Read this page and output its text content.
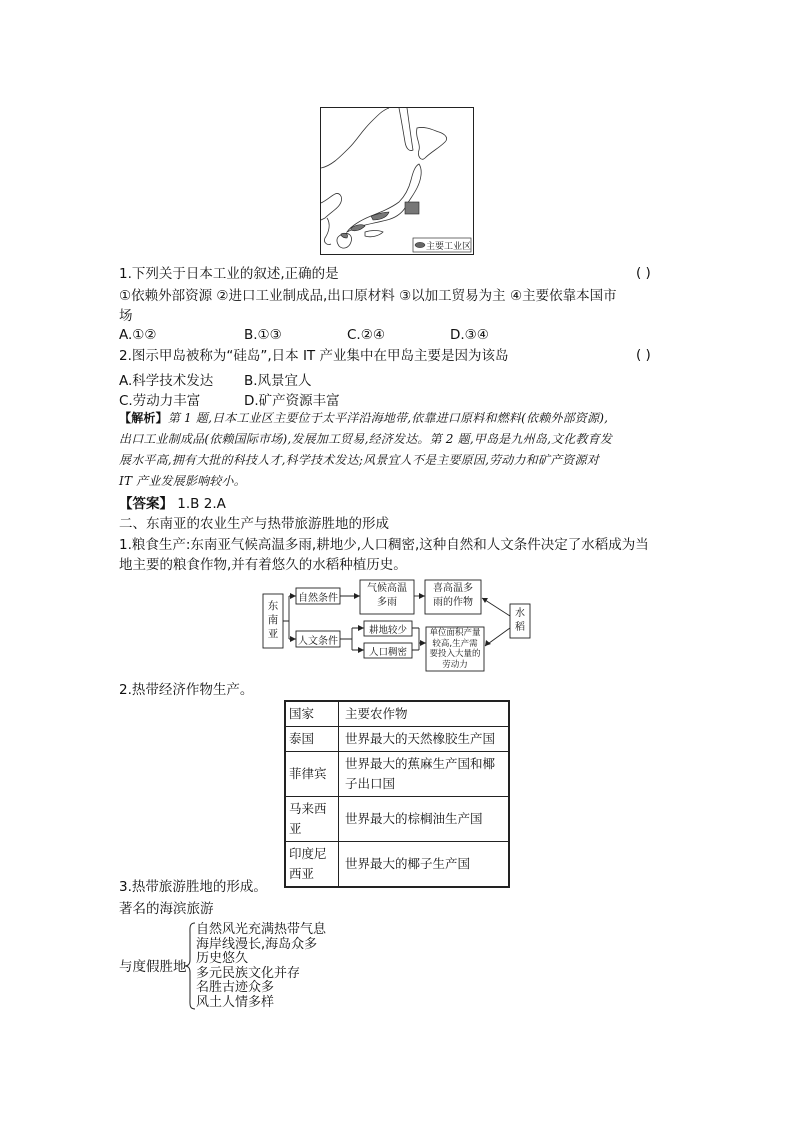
主要工业区
1.下列关于日本工业的叙述,正确的是	( )
①依赖外部资源 ②进口工业制成品,出口原材料 ③以加工贸易为主 ④主要依靠本国市
场
A.①②	B.①③	C.②④	D.③④
2.图示甲岛被称为“硅岛”,日本 IT 产业集中在甲岛主要是因为该岛	( )
A.科学技术发达 B.风景宜人
C.劳动力丰富	D.矿产资源丰富
【解析】第 1 题,日本工业区主要位于太平洋沿海地带,依靠进口原料和燃料(依赖外部资源),
出口工业制成品(依赖国际市场),发展加工贸易,经济发达。第 2 题,甲岛是九州岛,文化教育发
展水平高,拥有大批的科技人才,科学技术发达;风景宜人不是主要原因,劳动力和矿产资源对
IT 产业发展影响较小。
【答案】 1.B 2.A
二、东南亚的农业生产与热带旅游胜地的形成
1.粮食生产:东南亚气候高温多雨,耕地少,人口稠密,这种自然和人文条件决定了水稻成为当
地主要的粮食作物,并有着悠久的水稻种植历史。
东
南
亚
自然条件
气候高温
多雨
喜高温多
雨的作物
水
稻
人文条件
耕地较少
人口稠密
单位面积产量
较高,生产需
要投入大量的
劳动力
2.热带经济作物生产。
国家	主要农作物
泰国	世界最大的天然橡胶生产国
菲律宾	世界最大的蕉麻生产国和椰子出口国
马来西亚	世界最大的棕榈油生产国
印度尼西亚	世界最大的椰子生产国
3.热带旅游胜地的形成。
著名的海滨旅游
与度假胜地
自然风光充满热带气息
海岸线漫长,海岛众多
历史悠久
多元民族文化并存
名胜古迹众多
风土人情多样
